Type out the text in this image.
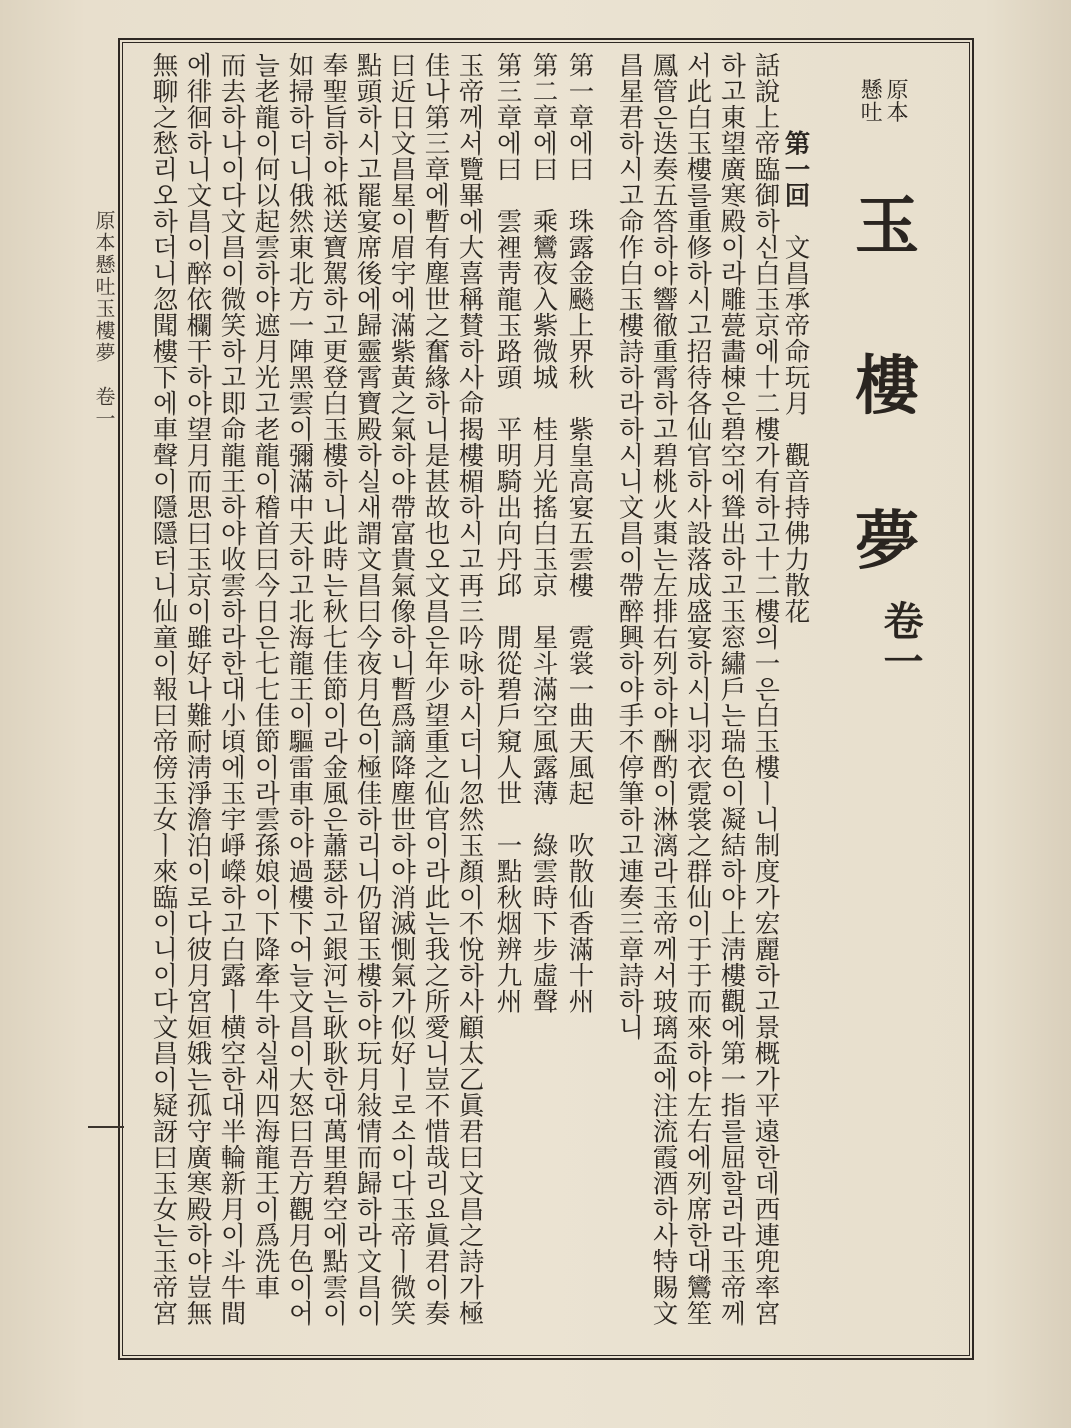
原本
懸吐
玉
樓
夢
卷一
第一回　文昌承帝命玩月　觀音持佛力散花
話說上帝臨御하신白玉京에十二樓가有하고十二樓의一은白玉樓ㅣ니制度가宏麗하고景概가平遠한데西連兜率宮
하고東望廣寒殿이라雕甍畵棟은碧空에聳出하고玉窓繡戶는瑞色이凝結하야上淸樓觀에第一指를屈할러라玉帝께
서此白玉樓를重修하시고招待各仙官하사設落成盛宴하시니羽衣霓裳之群仙이于于而來하야左右에列席한대鸞笙
鳳管은迭奏五答하야響徹重霄하고碧桃火棗는左排右列하야酬酌이淋漓라玉帝께서玻璃盃에注流霞酒하사特賜文
昌星君하시고命作白玉樓詩하라하시니文昌이帶醉興하야手不停筆하고連奏三章詩하니
第一章에曰　珠露金飈上界秋　紫皇高宴五雲樓　霓裳一曲天風起　吹散仙香滿十州
第二章에曰　乘鸞夜入紫微城　桂月光搖白玉京　星斗滿空風露薄　綠雲時下步虛聲
第三章에曰　雲裡靑龍玉路頭　平明騎出向丹邱　閒從碧戶窺人世　一點秋烟辨九州
玉帝께서覽畢에大喜稱賛하사命揭樓楣하시고再三吟咏하시더니忽然玉顏이不悅하사顧太乙眞君曰文昌之詩가極
佳나第三章에暫有塵世之奮緣하니是甚故也오文昌은年少望重之仙官이라此는我之所愛니豈不惜哉리요眞君이奏
曰近日文昌星이眉宇에滿紫黃之氣하야帶富貴氣像하니暫爲謫降塵世하야消滅惻氣가似好ㅣ로소이다玉帝ㅣ微笑
點頭하시고罷宴席後에歸靈霄寶殿하실새謂文昌曰今夜月色이極佳하리니仍留玉樓하야玩月敍情而歸하라文昌이
奉聖旨하야祗送寶駕하고更登白玉樓하니此時는秋七佳節이라金風은蕭瑟하고銀河는耿耿한대萬里碧空에點雲이
如掃하더니俄然東北方一陣黑雲이彌滿中天하고北海龍王이驅雷車하야過樓下어늘文昌이大怒曰吾方觀月色이어
늘老龍이何以起雲하야遮月光고老龍이稽首曰今日은七七佳節이라雲孫娘이下降牽牛하실새四海龍王이爲洗車
而去하나이다文昌이微笑하고即命龍王하야收雲하라한대小頃에玉宇崢嶸하고白露ㅣ横空한대半輪新月이斗牛間
에徘徊하니文昌이醉依欄干하야望月而思曰玉京이雖好나難耐淸淨澹泊이로다彼月宮姮娥는孤守廣寒殿하야豈無
無聊之愁리오하더니忽聞樓下에車聲이隱隱터니仙童이報曰帝傍玉女ㅣ來臨이니이다文昌이疑訝曰玉女는玉帝宮
原本懸吐玉樓夢　卷一
